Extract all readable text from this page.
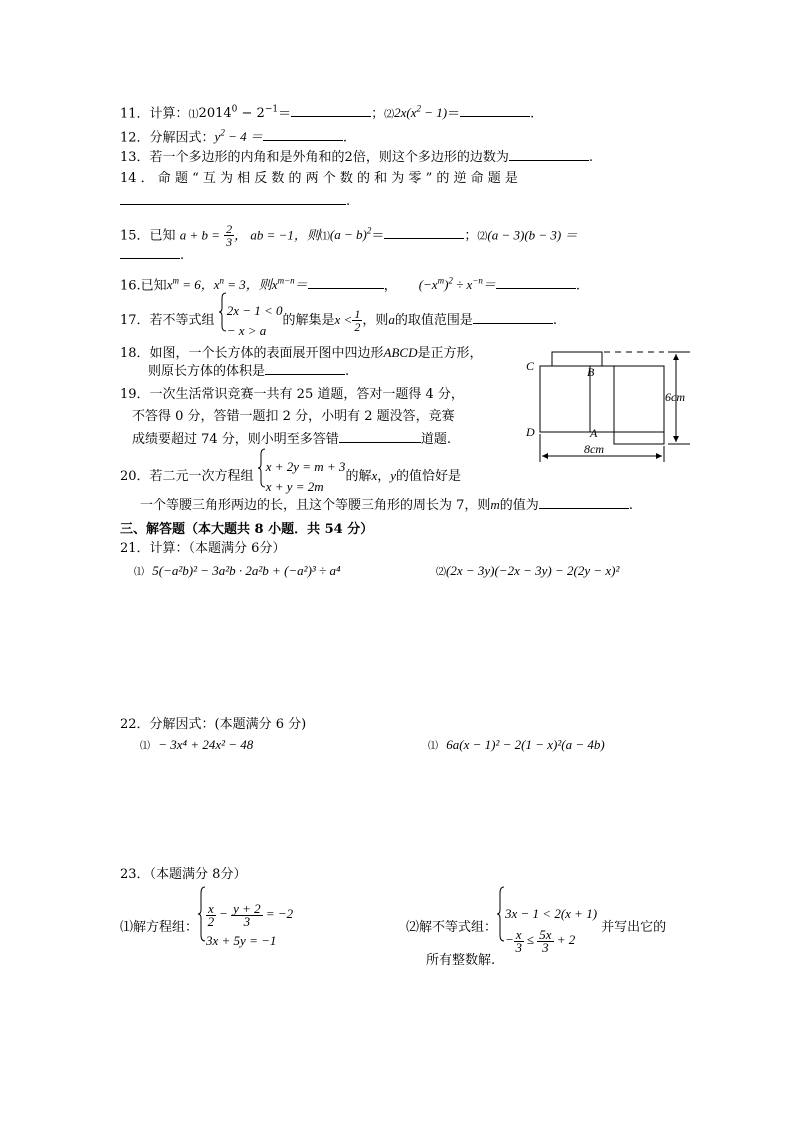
11．计算：$⑴2014^0 - 2^{-1}=$	；$⑵2x(x^2 - 1)=$	.
12．分解因式：$y^2 - 4$ ＝	.
13．若一个多边形的内角和是外角和的2倍，则这个多边形的边数为	.
14 ． 命 题 “ 互 为 相 反 数 的 两 个 数 的 和 为 零 ” 的 逆 命 题 是
.
15．已知 $a + b = \frac{2}{3}$ ， ab = −1，则⑴(a − b)$^2$＝	；⑵(a − 3)(b − 3) ＝
.
16.已知$x^m = 6$，$x^n = 3$，则$x^{m-n}=$	， $(-x^m)^2 \div x^{-n}=$	.
17．若不等式组
2x − 1 < 0
− x > a
的解集是$x < \frac{1}{2}$ ，则a的取值范围是	.
18．如图，一个长方体的表面展开图中四边形ABCD是正方形，
则原长方体的体积是	.
19．一次生活常识竞赛一共有 25 道题，答对一题得 4 分，
不答得 0 分，答错一题扣 2 分，小明有 2 题没答，竞赛
成绩要超过 74 分，则小明至多答错	道题.
C	B
D	A
6cm
8cm
20．若二元一次方程组
x + 2y = m + 3
x + y = 2m
的解x，y的值恰好是
一个等腰三角形两边的长，且这个等腰三角形的周长为 7，则m的值为	.
三、解答题（本大题共 8 小题．共 54 分）
21．计算：（本题满分 6分）
⑴ 5(−a²b)² − 3a²b · 2a²b + (−a²)³ ÷ a⁴	⑵(2x − 3y)(−2x − 3y) − 2(2y − x)²
22．分解因式：(本题满分 6 分)
⑴ − 3x⁴ + 24x² − 48	⑴ 6a(x − 1)² − 2(1 − x)²(a − 4b)
23．（本题满分 8分）
⑴解方程组： $\frac{x}{2} - \frac{y + 2}{3} = -2$
3x + 5y = −1
⑵解不等式组：
3x − 1 < 2(x + 1)
− $\frac{x}{3} \le \frac{5x}{3} + 2$
并写出它的
所有整数解.
